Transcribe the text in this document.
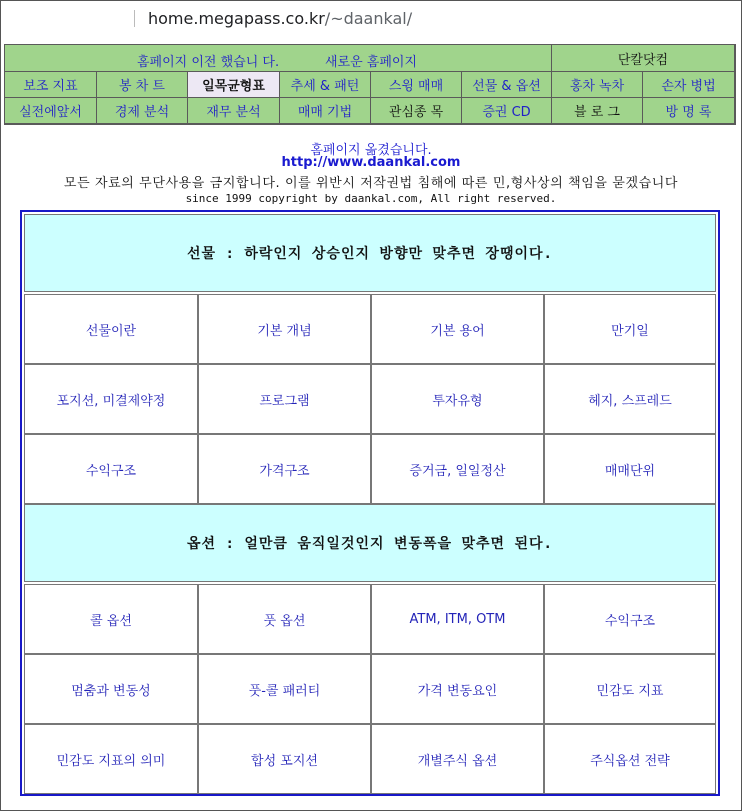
home.megapass.co.kr/~daankal/
홈페이지 이전 했습니 다.	새로운 홈페이지	단칼닷컴
보조 지표	봉 차 트	일목균형표	추세 & 패턴	스윙 매매	선물 & 옵션	홍차 녹차	손자 병법
실전에앞서	경제 분석	재무 분석	매매 기법	관심종 목	증권 CD	블 로 그	방 명 록
홈페이지 옮겼습니다.
http://www.daankal.com
모든 자료의 무단사용을 금지합니다. 이를 위반시 저작권법 침해에 따른 민,형사상의 책임을 묻겠습니다
since 1999 copyright by daankal.com, All right reserved.
선물 : 하락인지 상승인지 방향만 맞추면 장땡이다.
선물이란	기본 개념	기본 용어	만기일
포지션, 미결제약정	프로그램	투자유형	헤지, 스프레드
수익구조	가격구조	증거금, 일일정산	매매단위
옵션 : 얼만큼 움직일것인지 변동폭을 맞추면 된다.
콜 옵션	풋 옵션	ATM, ITM, OTM	수익구조
멈춤과 변동성	풋-콜 패러티	가격 변동요인	민감도 지표
민감도 지표의 의미	합성 포지션	개별주식 옵션	주식옵션 전략
